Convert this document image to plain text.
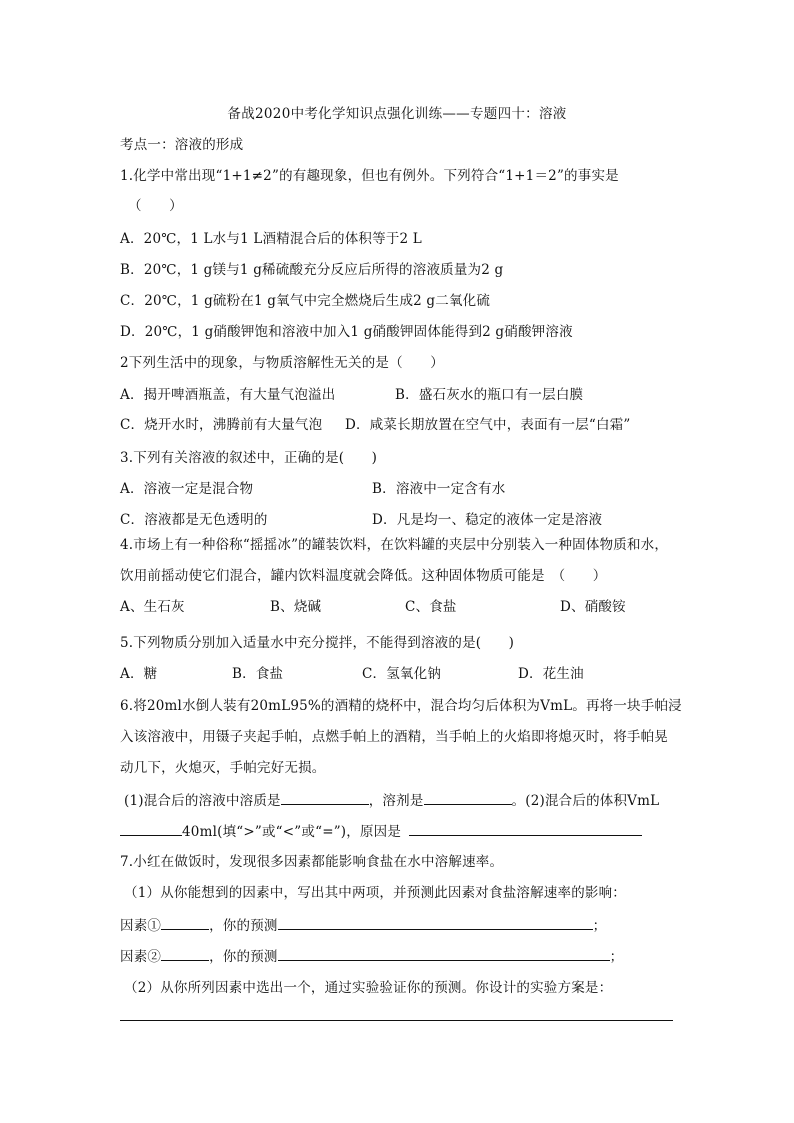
备战2020中考化学知识点强化训练——专题四十：溶液
考点一：溶液的形成
1.化学中常出现“1+1≠2”的有趣现象，但也有例外。下列符合“1+1＝2”的事实是
（　　）
A．20℃，1 L水与1 L酒精混合后的体积等于2 L
B．20℃，1 g镁与1 g稀硫酸充分反应后所得的溶液质量为2 g
C．20℃，1 g硫粉在1 g氧气中完全燃烧后生成2 g二氧化硫
D．20℃，1 g硝酸钾饱和溶液中加入1 g硝酸钾固体能得到2 g硝酸钾溶液
2下列生活中的现象，与物质溶解性无关的是（　　）
A．揭开啤酒瓶盖，有大量气泡溢出	B．盛石灰水的瓶口有一层白膜
C．烧开水时，沸腾前有大量气泡 D．咸菜长期放置在空气中，表面有一层“白霜”
3.下列有关溶液的叙述中，正确的是(　　)
A．溶液一定是混合物	B．溶液中一定含有水
C．溶液都是无色透明的	D．凡是均一、稳定的液体一定是溶液
4.市场上有一种俗称“摇摇冰”的罐装饮料，在饮料罐的夹层中分别装入一种固体物质和水，
饮用前摇动使它们混合，罐内饮料温度就会降低。这种固体物质可能是　（　　）
A、生石灰	B、烧碱	C、食盐	D、硝酸铵
5.下列物质分别加入适量水中充分搅拌，不能得到溶液的是(　　)
A．糖	B．食盐	C．氢氧化钠	D．花生油
6.将20ml水倒人装有20mL95%的酒精的烧杯中，混合均匀后体积为VmL。再将一块手帕浸
入该溶液中，用镊子夹起手帕，点燃手帕上的酒精，当手帕上的火焰即将熄灭时，将手帕晃
动几下，火熄灭，手帕完好无损。
(1)混合后的溶液中溶质是	，溶剂是	。(2)混合后的体积VmL
40ml(填“>”或“<”或“=”)，原因是
7.小红在做饭时，发现很多因素都能影响食盐在水中溶解速率。
（1）从你能想到的因素中，写出其中两项，并预测此因素对食盐溶解速率的影响：
因素①	，你的预测	；
因素②	，你的预测	；
（2）从你所列因素中选出一个，通过实验验证你的预测。你设计的实验方案是：
